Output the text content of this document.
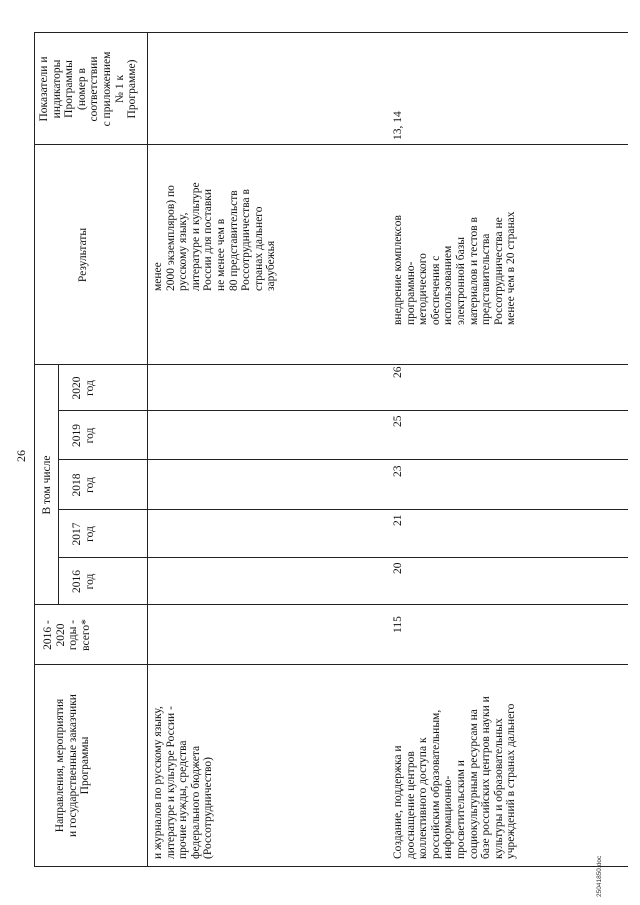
26
Направления, мероприятия и государственные заказчики Программы
2016 - 2020 годы - всего*
В том числе
2016 год
2017 год
2018 год
2019 год
2020 год
Результаты
Показатели и индикаторы Программы (номер в соответствии с приложением № 1 к Программе)
и журналов по русскому языку, литературе и культуре России - прочие нужды, средства федерального бюджета (Россотрудничество)
менее 2000 экземпляров) по русскому языку, литературе и культуре России для поставки не менее чем в 80 представительств Россотрудничества в странах дальнего зарубежья
Создание, поддержка и дооснащение центров коллективного доступа к российским образовательным, информационно- просветительским и социокультурным ресурсам на базе российских центров науки и культуры и образовательных учреждений в странах дальнего
115
20
21
23
25
26
внедрение комплексов программно- методического обеспечения с использованием электронной базы материалов и тестов в представительства Россотрудничества не менее чем в 20 странах
13, 14
25041850.doc
